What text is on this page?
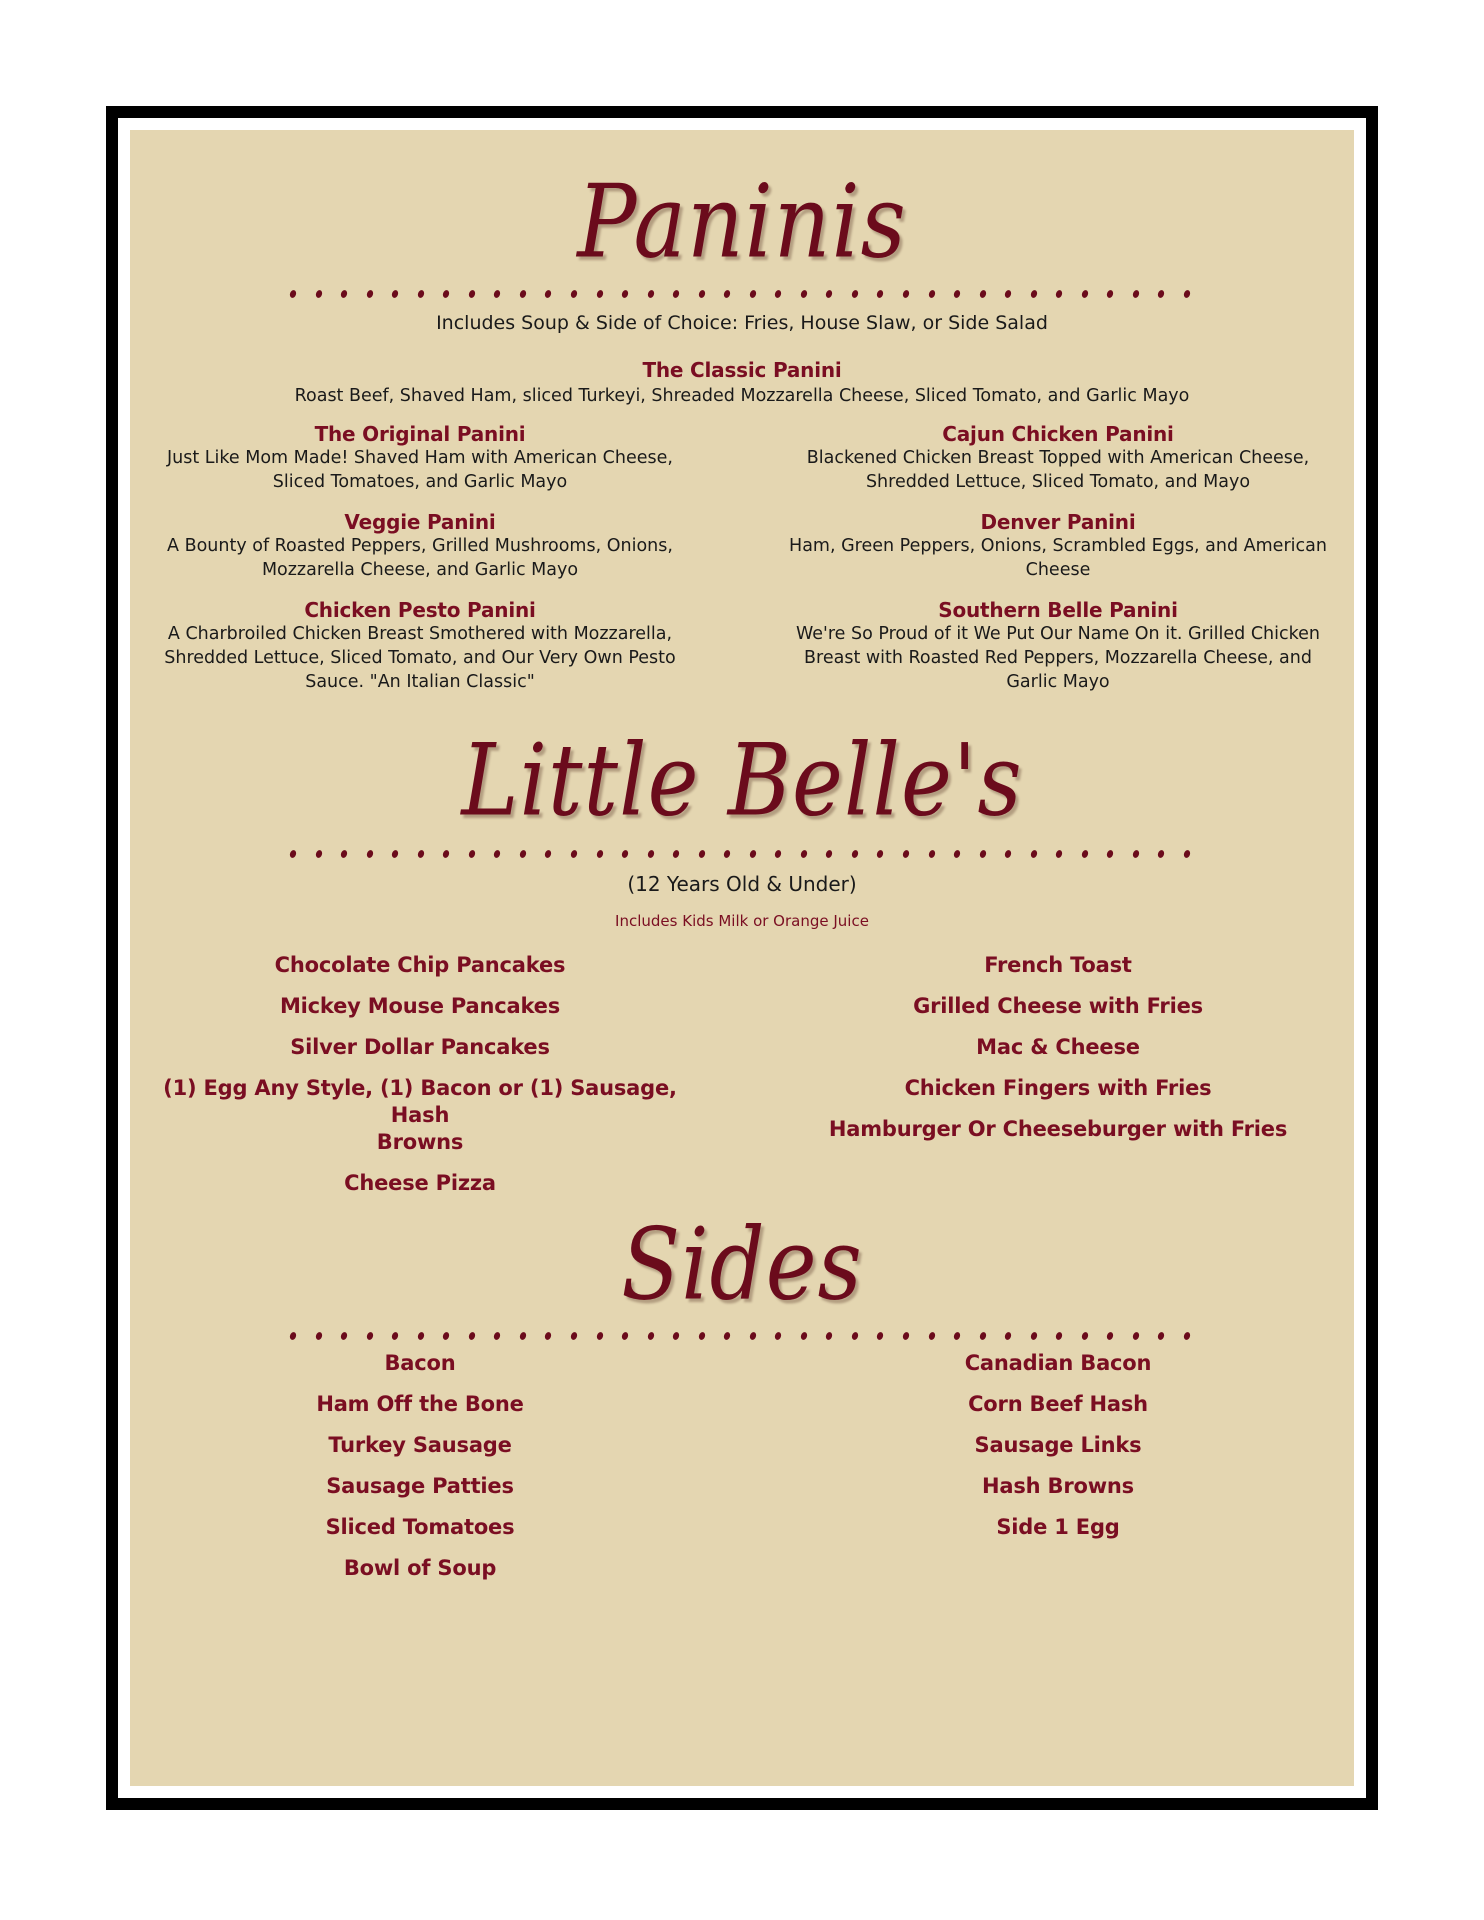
Paninis
Includes Soup & Side of Choice: Fries, House Slaw, or Side Salad
The Classic Panini
Roast Beef, Shaved Ham, sliced Turkeyi, Shreaded Mozzarella Cheese, Sliced Tomato, and Garlic Mayo
The Original Panini
Just Like Mom Made! Shaved Ham with American Cheese,
Sliced Tomatoes, and Garlic Mayo
Veggie Panini
A Bounty of Roasted Peppers, Grilled Mushrooms, Onions,
Mozzarella Cheese, and Garlic Mayo
Chicken Pesto Panini
A Charbroiled Chicken Breast Smothered with Mozzarella,
Shredded Lettuce, Sliced Tomato, and Our Very Own Pesto
Sauce. "An Italian Classic"
Cajun Chicken Panini
Blackened Chicken Breast Topped with American Cheese,
Shredded Lettuce, Sliced Tomato, and Mayo
Denver Panini
Ham, Green Peppers, Onions, Scrambled Eggs, and American
Cheese
Southern Belle Panini
We're So Proud of it We Put Our Name On it. Grilled Chicken
Breast with Roasted Red Peppers, Mozzarella Cheese, and
Garlic Mayo
Little Belle's
(12 Years Old & Under)
Includes Kids Milk or Orange Juice
Chocolate Chip Pancakes
Mickey Mouse Pancakes
Silver Dollar Pancakes
(1) Egg Any Style, (1) Bacon or (1) Sausage, Hash
Browns
Cheese Pizza
French Toast
Grilled Cheese with Fries
Mac & Cheese
Chicken Fingers with Fries
Hamburger Or Cheeseburger with Fries
Sides
Bacon
Ham Off the Bone
Turkey Sausage
Sausage Patties
Sliced Tomatoes
Bowl of Soup
Canadian Bacon
Corn Beef Hash
Sausage Links
Hash Browns
Side 1 Egg
